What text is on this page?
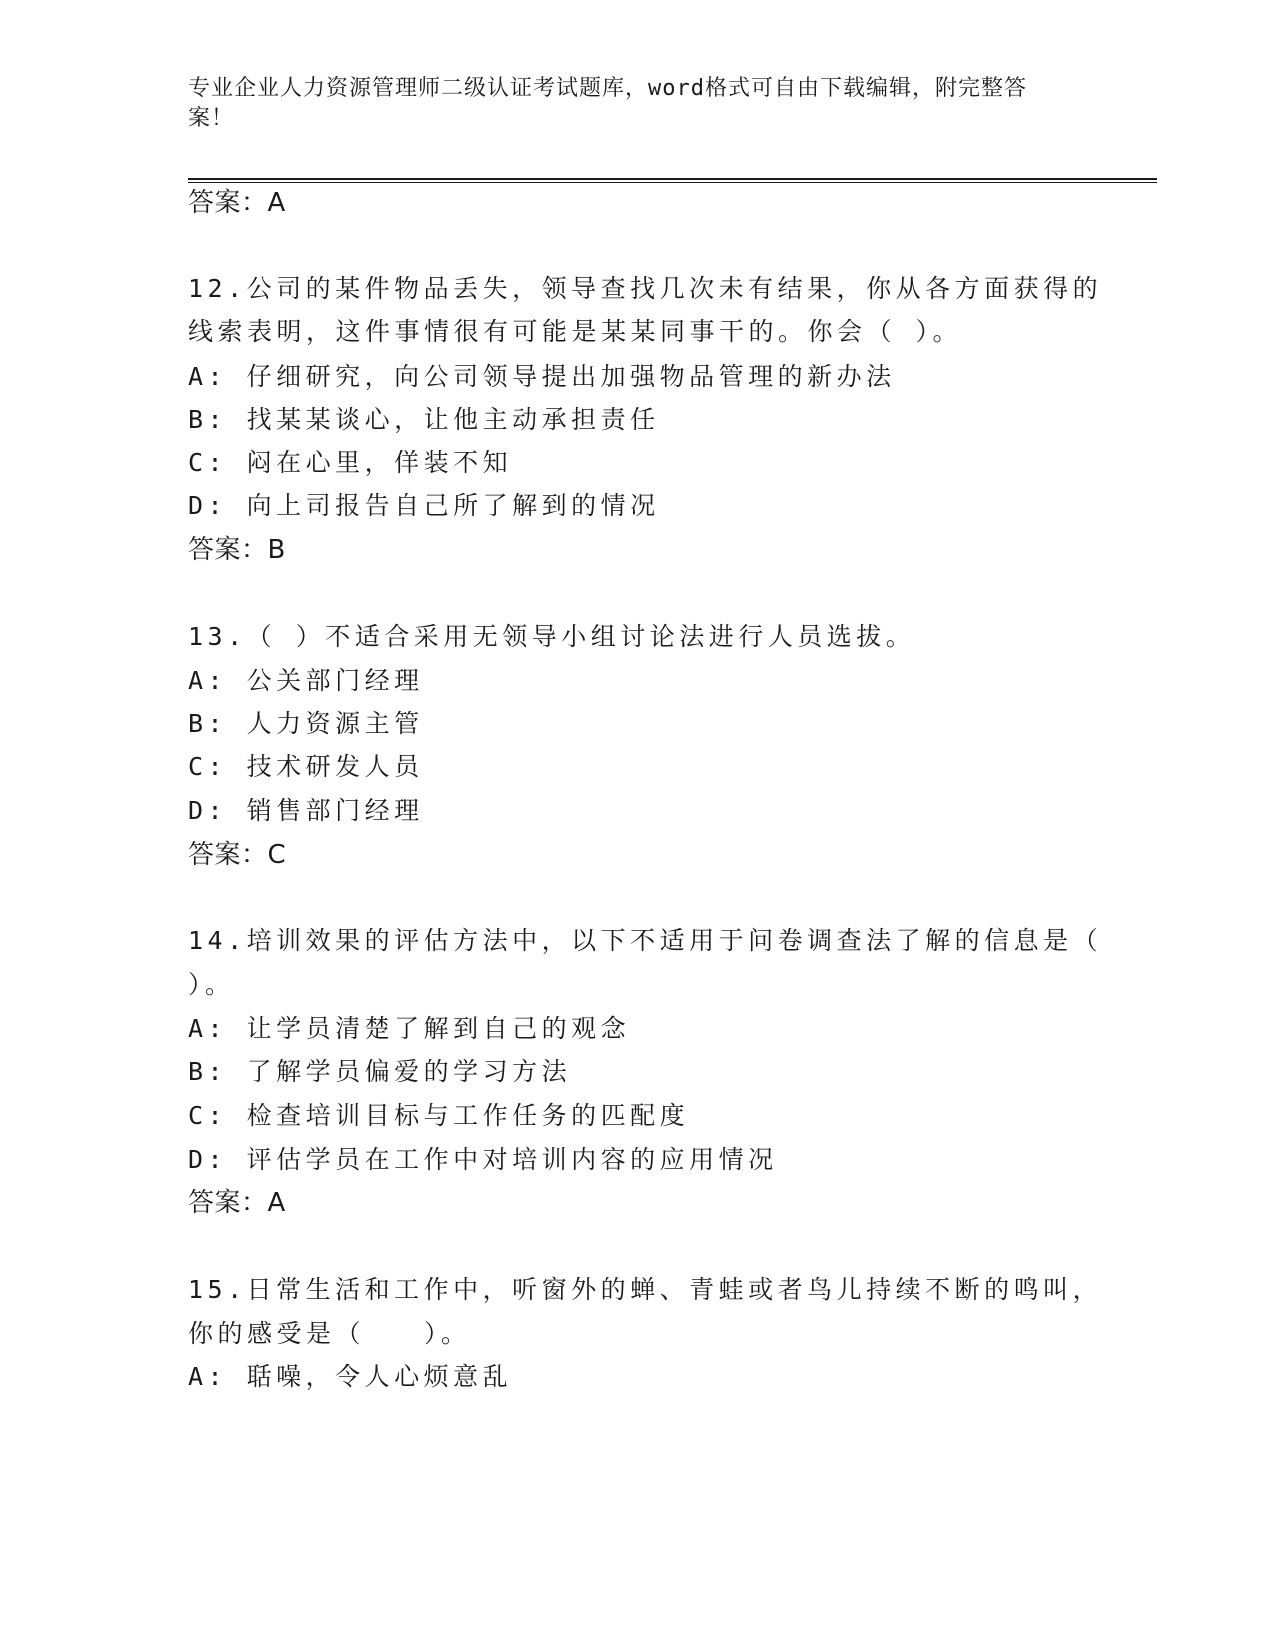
专业企业人力资源管理师二级认证考试题库，word格式可自由下载编辑，附完整答案！
答案：A
12.公司的某件物品丢失，领导查找几次未有结果，你从各方面获得的
线索表明，这件事情很有可能是某某同事干的。你会（ ）。
A: 仔细研究，向公司领导提出加强物品管理的新办法
B: 找某某谈心，让他主动承担责任
C: 闷在心里，佯装不知
D: 向上司报告自己所了解到的情况
答案：B
13.（ ）不适合采用无领导小组讨论法进行人员选拔。
A: 公关部门经理
B: 人力资源主管
C: 技术研发人员
D: 销售部门经理
答案：C
14.培训效果的评估方法中，以下不适用于问卷调查法了解的信息是（
）。
A: 让学员清楚了解到自己的观念
B: 了解学员偏爱的学习方法
C: 检查培训目标与工作任务的匹配度
D: 评估学员在工作中对培训内容的应用情况
答案：A
15.日常生活和工作中，听窗外的蝉、青蛙或者鸟儿持续不断的鸣叫，
你的感受是（　　）。
A: 聒噪，令人心烦意乱
